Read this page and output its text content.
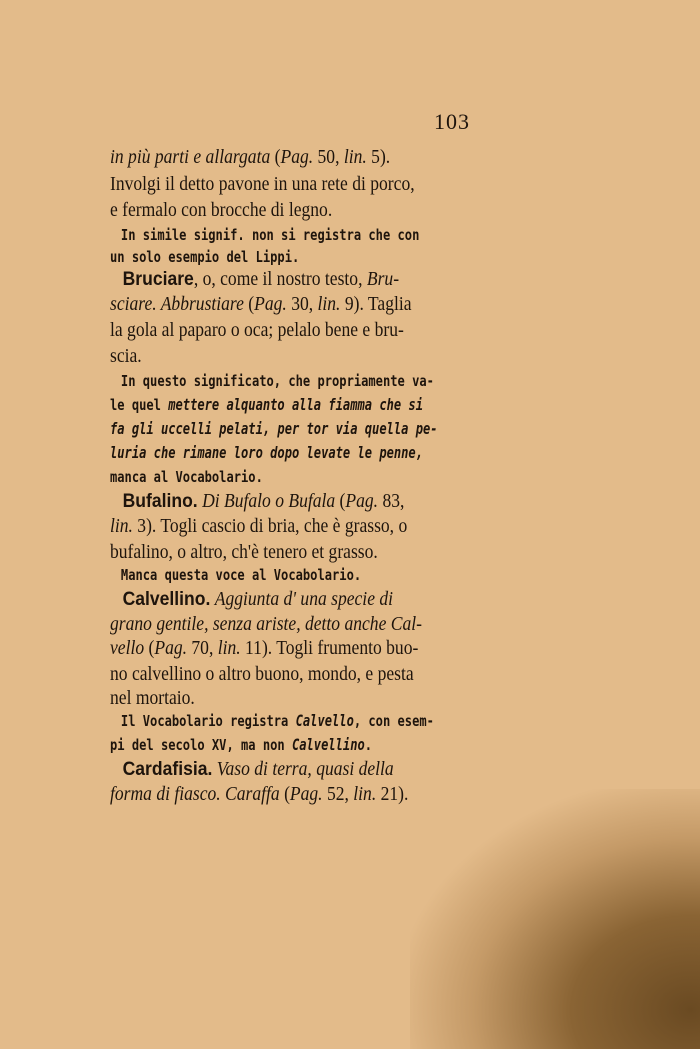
103
in più parti e allargata (Pag. 50, lin. 5).
Involgi il detto pavone in una rete di porco,
e fermalo con brocche di legno.
In simile signif. non si registra che con
un solo esempio del Lippi.
Bruciare, o, come il nostro testo, Bru-
sciare. Abbrustiare (Pag. 30, lin. 9). Taglia
la gola al paparo o oca; pelalo bene e bru-
scia.
In questo significato, che propriamente va-
le quel mettere alquanto alla fiamma che si
fa gli uccelli pelati, per tor via quella pe-
luria che rimane loro dopo levate le penne,
manca al Vocabolario.
Bufalino. Di Bufalo o Bufala (Pag. 83,
lin. 3). Togli cascio di bria, che è grasso, o
bufalino, o altro, ch'è tenero et grasso.
Manca questa voce al Vocabolario.
Calvellino. Aggiunta d' una specie di
grano gentile, senza ariste, detto anche Cal-
vello (Pag. 70, lin. 11). Togli frumento buo-
no calvellino o altro buono, mondo, e pesta
nel mortaio.
Il Vocabolario registra Calvello, con esem-
pi del secolo XV, ma non Calvellino.
Cardafisia. Vaso di terra, quasi della
forma di fiasco. Caraffa (Pag. 52, lin. 21).
